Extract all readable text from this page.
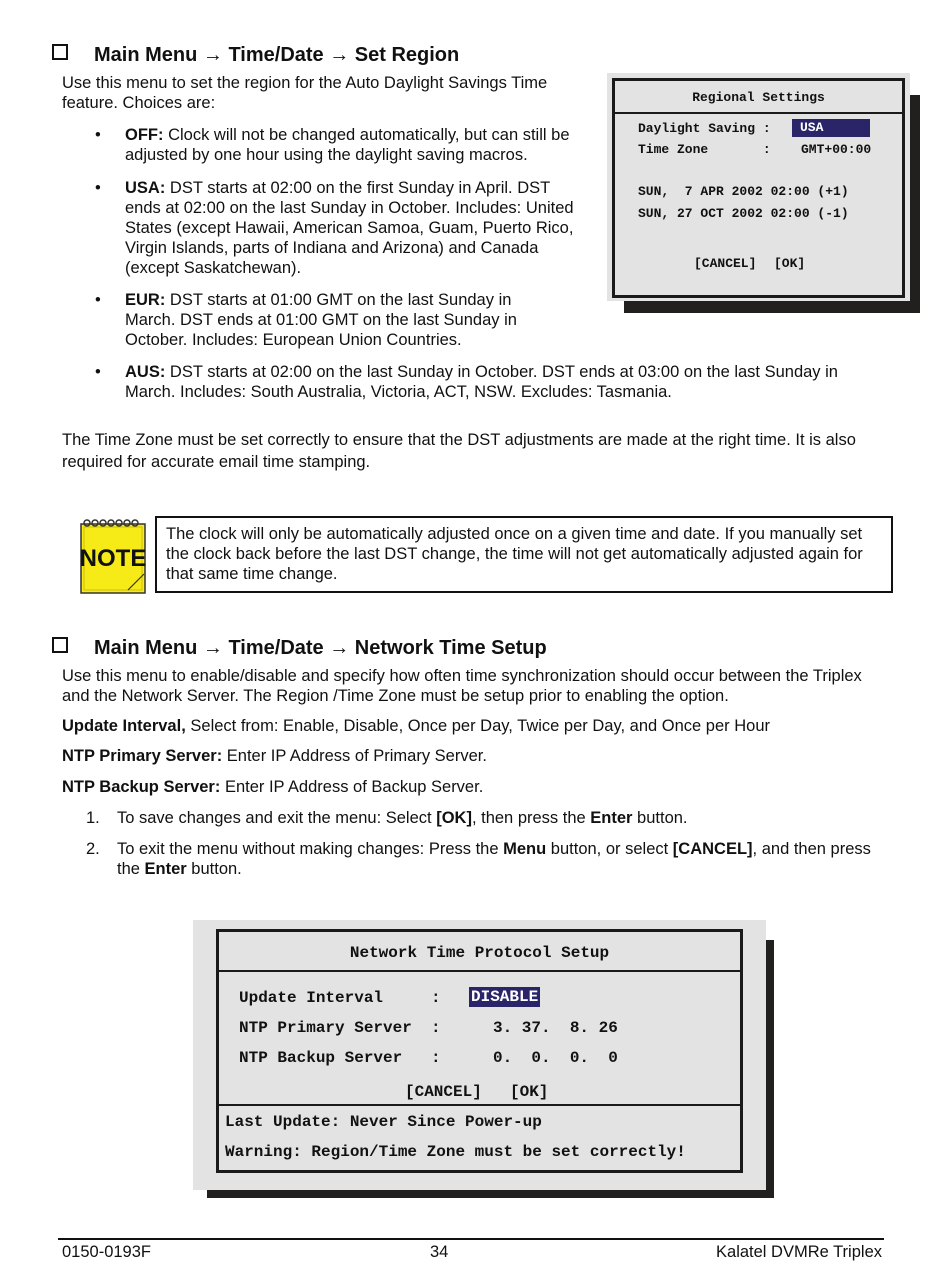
Main Menu → Time/Date → Set Region
Use this menu to set the region for the Auto Daylight Savings Time feature. Choices are:
• OFF: Clock will not be changed automatically, but can still be adjusted by one hour using the daylight saving macros.
• USA: DST starts at 02:00 on the first Sunday in April. DST ends at 02:00 on the last Sunday in October. Includes: United States (except Hawaii, American Samoa, Guam, Puerto Rico, Virgin Islands, parts of Indiana and Arizona) and Canada (except Saskatchewan).
• EUR: DST starts at 01:00 GMT on the last Sunday in March. DST ends at 01:00 GMT on the last Sunday in October. Includes: European Union Countries.
• AUS: DST starts at 02:00 on the last Sunday in October. DST ends at 03:00 on the last Sunday in March. Includes: South Australia, Victoria, ACT, NSW. Excludes: Tasmania.
The Time Zone must be set correctly to ensure that the DST adjustments are made at the right time. It is also required for accurate email time stamping.
Regional Settings
Daylight Saving :	USA
Time Zone       : GMT+00:00
SUN,  7 APR 2002 02:00 (+1)
SUN, 27 OCT 2002 02:00 (-1)
[CANCEL] [OK]
NOTE
The clock will only be automatically adjusted once on a given time and date. If you manually set the clock back before the last DST change, the time will not get automatically adjusted again for that same time change.
Main Menu → Time/Date → Network Time Setup
Use this menu to enable/disable and specify how often time synchronization should occur between the Triplex and the Network Server. The Region /Time Zone must be setup prior to enabling the option.
Update Interval, Select from: Enable, Disable, Once per Day, Twice per Day, and Once per Hour
NTP Primary Server: Enter IP Address of Primary Server.
NTP Backup Server: Enter IP Address of Backup Server.
1. To save changes and exit the menu: Select [OK], then press the Enter button.
2. To exit the menu without making changes: Press the Menu button, or select [CANCEL], and then press the Enter button.
Network Time Protocol Setup
Update Interval     : DISABLE
NTP Primary Server  :	3. 37.  8. 26
NTP Backup Server   :	0.  0.  0.  0
[CANCEL] [OK]
Last Update: Never Since Power-up
Warning: Region/Time Zone must be set correctly!
0150-0193F	34	Kalatel DVMRe Triplex
